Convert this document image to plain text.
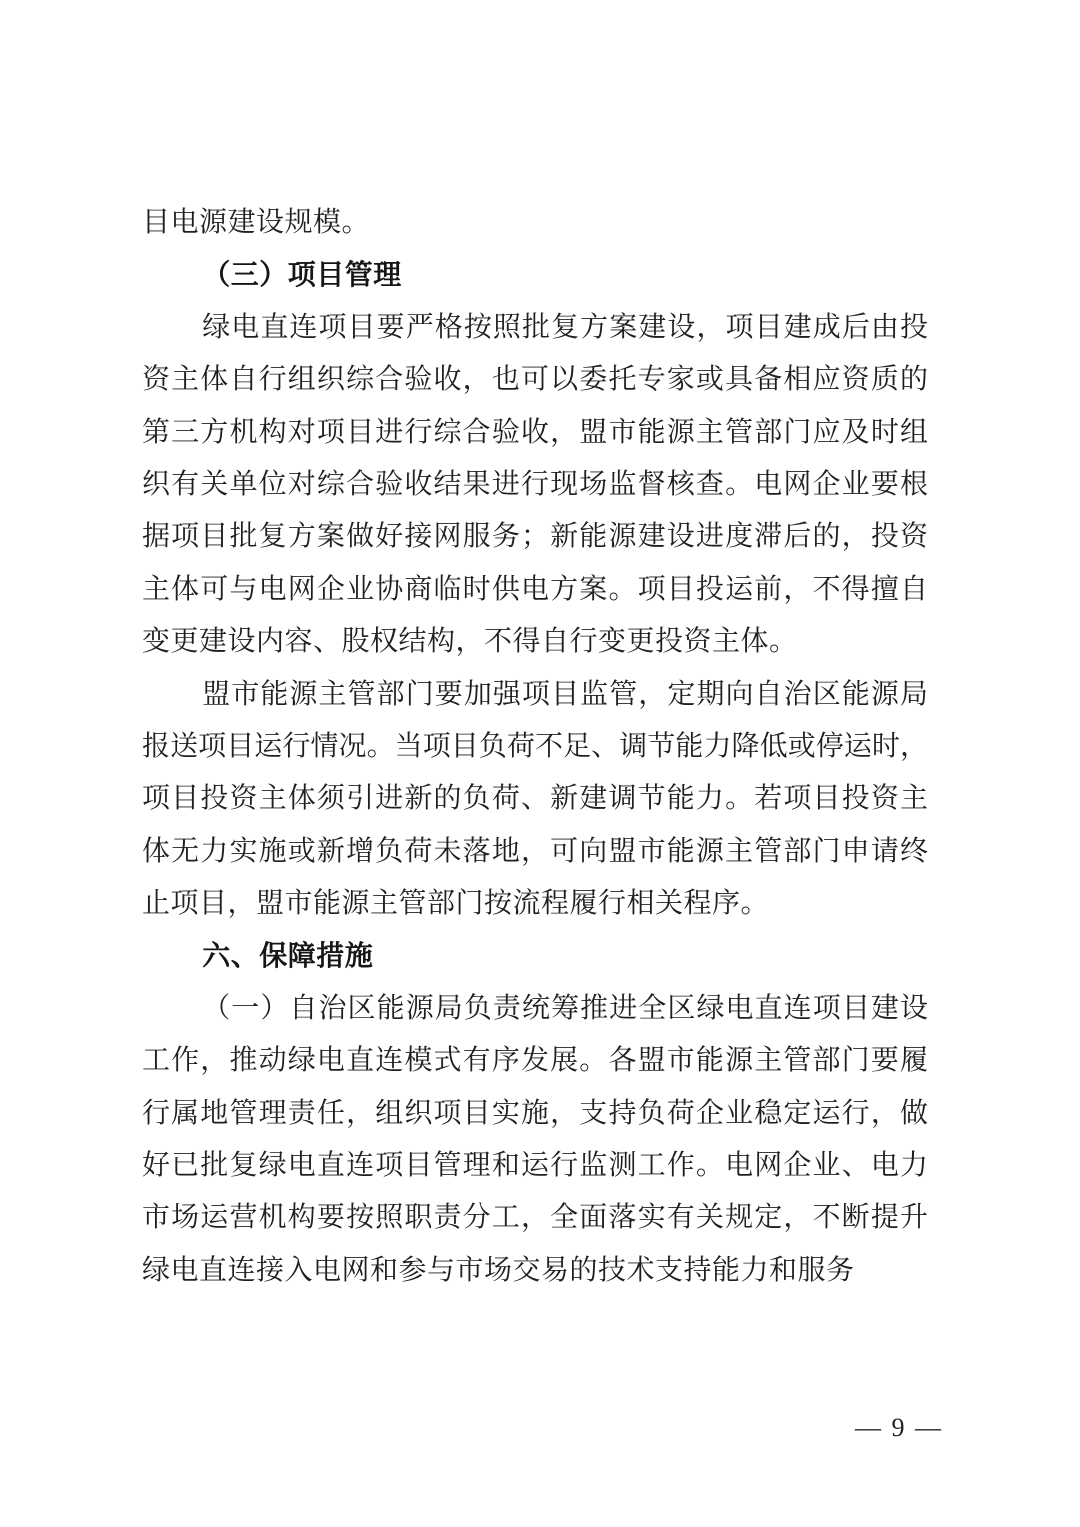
目电源建设规模。
（三）项目管理
绿电直连项目要严格按照批复方案建设，项目建成后由投
资主体自行组织综合验收，也可以委托专家或具备相应资质的
第三方机构对项目进行综合验收，盟市能源主管部门应及时组
织有关单位对综合验收结果进行现场监督核查。电网企业要根
据项目批复方案做好接网服务；新能源建设进度滞后的，投资
主体可与电网企业协商临时供电方案。项目投运前，不得擅自
变更建设内容、股权结构，不得自行变更投资主体。
盟市能源主管部门要加强项目监管，定期向自治区能源局
报送项目运行情况。当项目负荷不足、调节能力降低或停运时，
项目投资主体须引进新的负荷、新建调节能力。若项目投资主
体无力实施或新增负荷未落地，可向盟市能源主管部门申请终
止项目，盟市能源主管部门按流程履行相关程序。
六、保障措施
（一）自治区能源局负责统筹推进全区绿电直连项目建设
工作，推动绿电直连模式有序发展。各盟市能源主管部门要履
行属地管理责任，组织项目实施，支持负荷企业稳定运行，做
好已批复绿电直连项目管理和运行监测工作。电网企业、电力
市场运营机构要按照职责分工，全面落实有关规定，不断提升
绿电直连接入电网和参与市场交易的技术支持能力和服务
— 9 —
